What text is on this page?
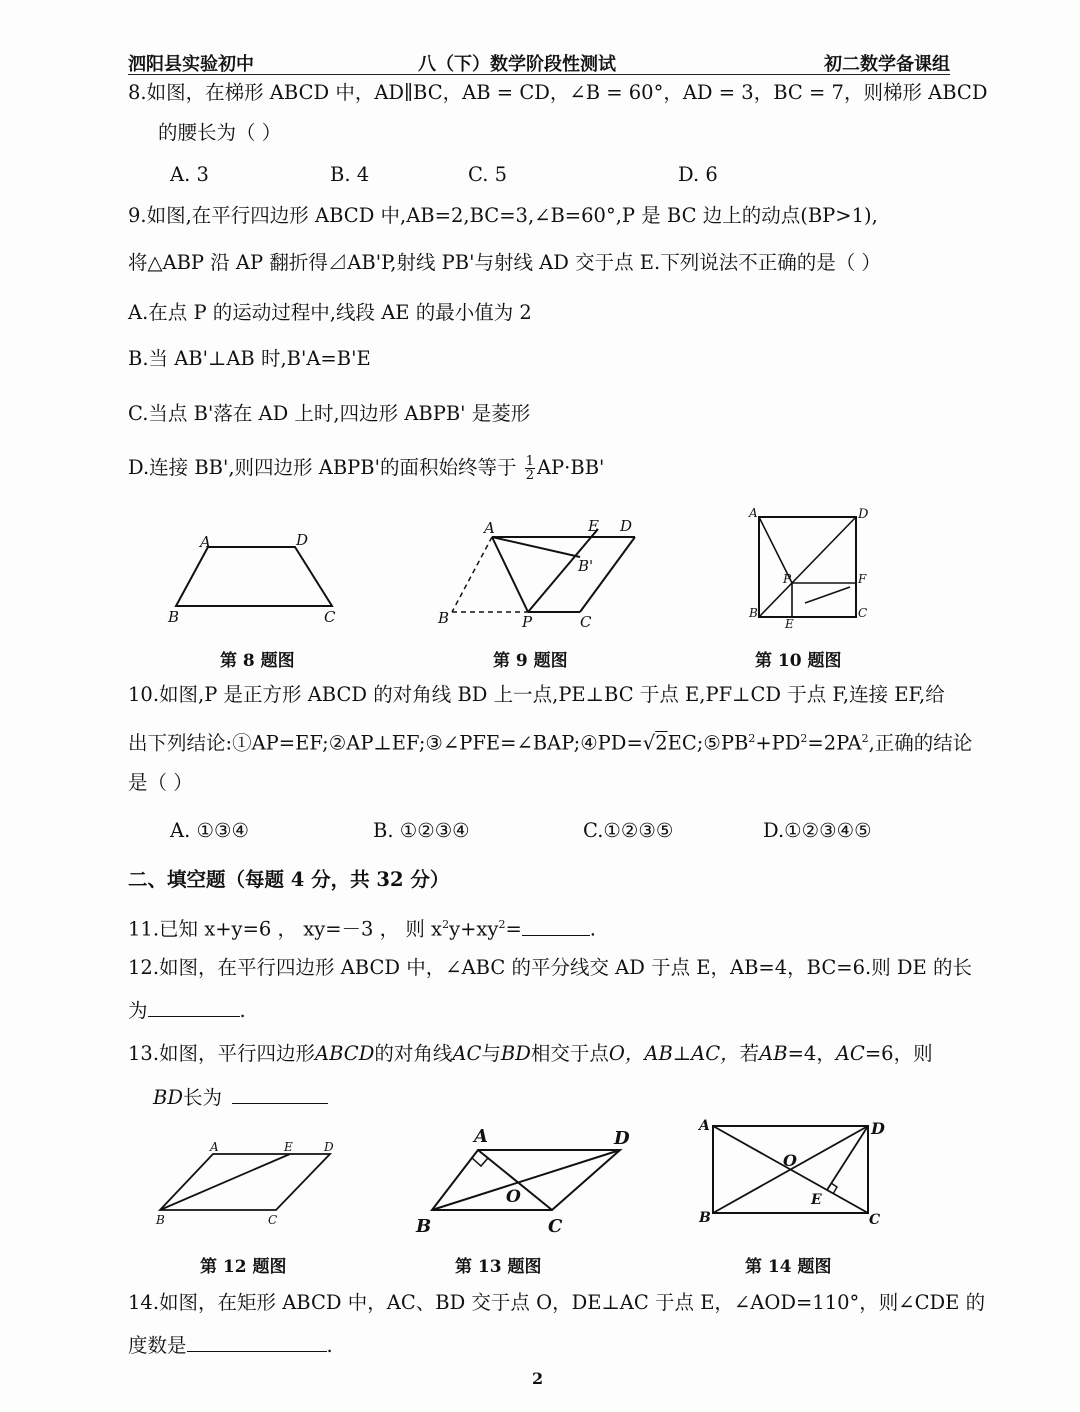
泗阳县实验初中	八（下）数学阶段性测试	初二数学备课组
8.如图，在梯形 ABCD 中，AD∥BC，AB = CD，∠B = 60°，AD = 3，BC = 7，则梯形 ABCD
的腰长为（ ）
A. 3	B. 4	C. 5	D. 6
9.如图,在平行四边形 ABCD 中,AB=2,BC=3,∠B=60°,P 是 BC 边上的动点(BP>1),
将△ABP 沿 AP 翻折得⊿AB'P,射线 PB'与射线 AD 交于点 E.下列说法不正确的是（ ）
A.在点 P 的运动过程中,线段 AE 的最小值为 2
B.当 AB'⊥AB 时,B'A=B'E
C.当点 B'落在 AD 上时,四边形 ABPB' 是菱形
D.连接 BB',则四边形 ABPB'的面积始终等于 $\frac{1}{2} AP\cdot BB'$
A	D
B	C
第 8 题图
A	E D
B'
B	P	C
第 9 题图
A	D
P	F
B
E
C
第 10 题图
10.如图,P 是正方形 ABCD 的对角线 BD 上一点,PE⊥BC 于点 E,PF⊥CD 于点 F,连接 EF,给
出下列结论$:①AP=EF;②AP\perp EF;③\angle PFE=\angle BAP;④PD=√2EC;⑤PB^2+PD^2=2PA^2$,正确的结论
是（ ）
A. ①③④	B. ①②③④	C.①②③⑤	D.①②③④⑤
二、填空题（每题 4 分，共 32 分）
11.已知 x+y=6 ， xy=－3 ， 则 $x^2y+xy^2=$	.
12.如图，在平行四边形 ABCD 中，∠ABC 的平分线交 AD 于点 E，AB=4，BC=6.则 DE 的长
为	.
13.如图，平行四边形ABCD的对角线AC与BD相交于点O，AB⊥AC，若AB=4，AC=6，则
BD长为
A	E	D
B	C
第 12 题图
A	D
O
B	C
第 13 题图
A	D
O
E
B	C
第 14 题图
14.如图，在矩形 ABCD 中，AC、BD 交于点 O，DE⊥AC 于点 E，∠AOD=110°，则∠CDE 的
度数是	.
2
